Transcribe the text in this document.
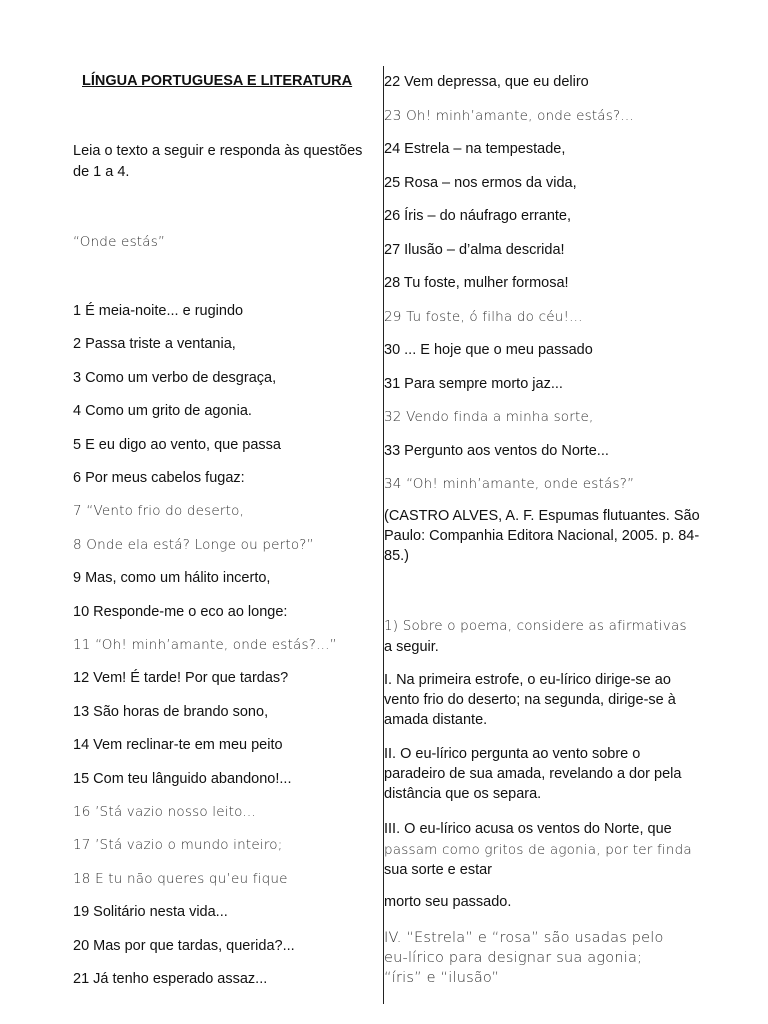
LÍNGUA PORTUGUESA E LITERATURA
Leia o texto a seguir e responda às questões
de 1 a 4.
“Onde estás”
1 É meia-noite... e rugindo
2 Passa triste a ventania,
3 Como um verbo de desgraça,
4 Como um grito de agonia.
5 E eu digo ao vento, que passa
6 Por meus cabelos fugaz:
7 “Vento frio do deserto,
8 Onde ela está? Longe ou perto?”
9 Mas, como um hálito incerto,
10 Responde-me o eco ao longe:
11 “Oh! minh’amante, onde estás?...”
12 Vem! É tarde! Por que tardas?
13 São horas de brando sono,
14 Vem reclinar-te em meu peito
15 Com teu lânguido abandono!...
16 ’Stá vazio nosso leito...
17 ’Stá vazio o mundo inteiro;
18 E tu não queres qu’eu fique
19 Solitário nesta vida...
20 Mas por que tardas, querida?...
21 Já tenho esperado assaz...
22 Vem depressa, que eu deliro
23 Oh! minh’amante, onde estás?...
24 Estrela – na tempestade,
25 Rosa – nos ermos da vida,
26 Íris – do náufrago errante,
27 Ilusão – d’alma descrida!
28 Tu foste, mulher formosa!
29 Tu foste, ó filha do céu!...
30 ... E hoje que o meu passado
31 Para sempre morto jaz...
32 Vendo finda a minha sorte,
33 Pergunto aos ventos do Norte...
34 “Oh! minh’amante, onde estás?”
(CASTRO ALVES, A. F. Espumas flutuantes. São Paulo: Companhia Editora Nacional, 2005. p. 84-85.)
1) Sobre o poema, considere as afirmativas
a seguir.
I. Na primeira estrofe, o eu-lírico dirige-se ao vento frio do deserto; na segunda, dirige-se à amada distante.
II. O eu-lírico pergunta ao vento sobre o paradeiro de sua amada, revelando a dor pela distância que os separa.
III. O eu-lírico acusa os ventos do Norte, que
passam como gritos de agonia, por ter finda
sua sorte e estar
morto seu passado.
IV. “Estrela” e “rosa” são usadas pelo eu-lírico para designar sua agonia; “íris” e “ilusão”
